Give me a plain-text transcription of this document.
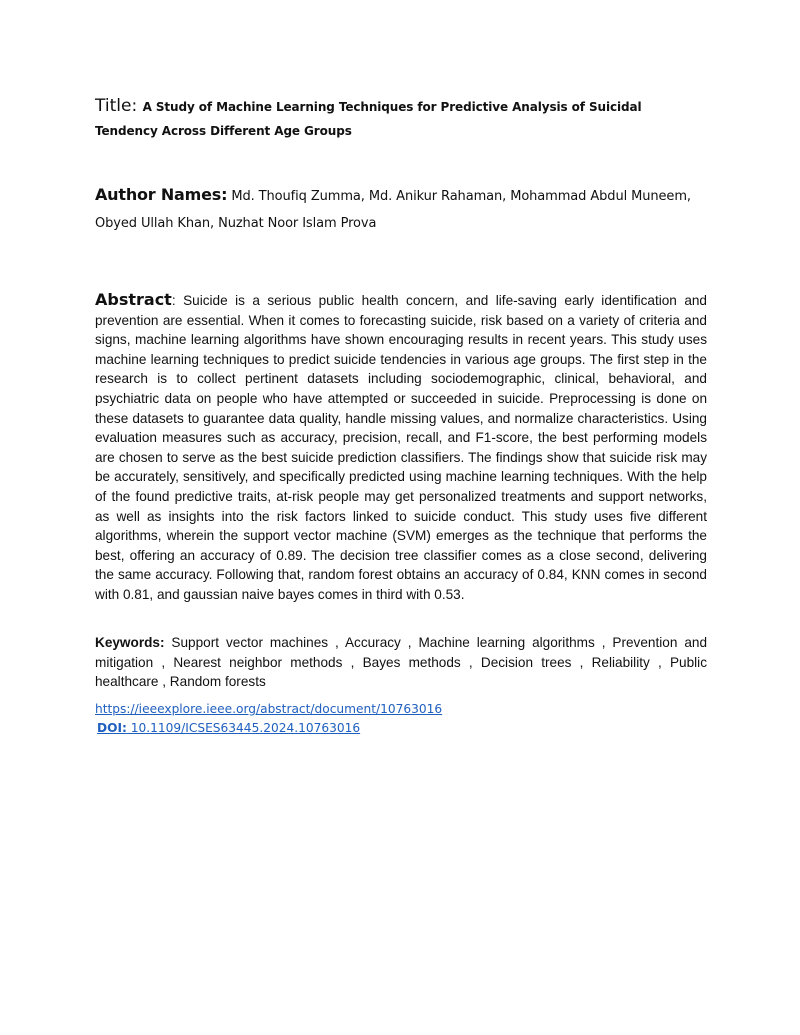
Title: A Study of Machine Learning Techniques for Predictive Analysis of Suicidal Tendency Across Different Age Groups
Author Names: Md. Thoufiq Zumma, Md. Anikur Rahaman, Mohammad Abdul Muneem, Obyed Ullah Khan, Nuzhat Noor Islam Prova
Abstract: Suicide is a serious public health concern, and life-saving early identification and prevention are essential. When it comes to forecasting suicide, risk based on a variety of criteria and signs, machine learning algorithms have shown encouraging results in recent years. This study uses machine learning techniques to predict suicide tendencies in various age groups. The first step in the research is to collect pertinent datasets including sociodemographic, clinical, behavioral, and psychiatric data on people who have attempted or succeeded in suicide. Preprocessing is done on these datasets to guarantee data quality, handle missing values, and normalize characteristics. Using evaluation measures such as accuracy, precision, recall, and F1-score, the best performing models are chosen to serve as the best suicide prediction classifiers. The findings show that suicide risk may be accurately, sensitively, and specifically predicted using machine learning techniques. With the help of the found predictive traits, at-risk people may get personalized treatments and support networks, as well as insights into the risk factors linked to suicide conduct. This study uses five different algorithms, wherein the support vector machine (SVM) emerges as the technique that performs the best, offering an accuracy of 0.89. The decision tree classifier comes as a close second, delivering the same accuracy. Following that, random forest obtains an accuracy of 0.84, KNN comes in second with 0.81, and gaussian naive bayes comes in third with 0.53.
Keywords: Support vector machines , Accuracy , Machine learning algorithms , Prevention and mitigation , Nearest neighbor methods , Bayes methods , Decision trees , Reliability , Public healthcare , Random forests
https://ieeexplore.ieee.org/abstract/document/10763016
DOI: 10.1109/ICSES63445.2024.10763016
